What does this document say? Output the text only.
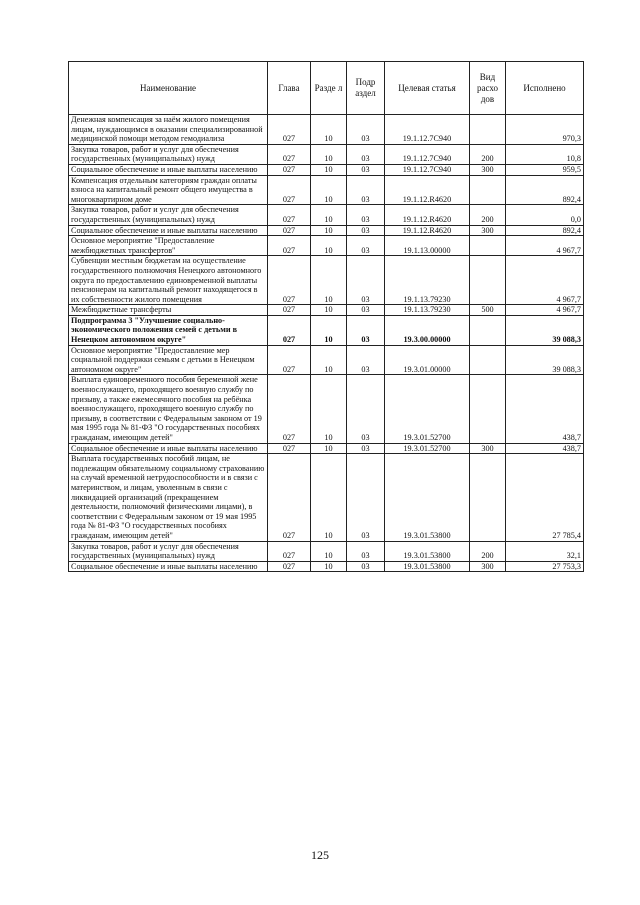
Наименование	Глава	Разде л	Подр аздел	Целевая статья	Вид расхо дов	Исполнено
Денежная компенсация за наём жилого помещения лицам, нуждающимся в оказании специализированной медицинской помощи методом гемодиализа	027	10	03	19.1.12.7С940		970,3
Закупка товаров, работ и услуг для обеспечения государственных (муниципальных) нужд	027	10	03	19.1.12.7С940	200	10,8
Социальное обеспечение и иные выплаты населению	027	10	03	19.1.12.7С940	300	959,5
Компенсация отдельным категориям граждан оплаты взноса на капитальный ремонт общего имущества в многоквартирном доме	027	10	03	19.1.12.R4620		892,4
Закупка товаров, работ и услуг для обеспечения государственных (муниципальных) нужд	027	10	03	19.1.12.R4620	200	0,0
Социальное обеспечение и иные выплаты населению	027	10	03	19.1.12.R4620	300	892,4
Основное мероприятие "Предоставление межбюджетных трансфертов"	027	10	03	19.1.13.00000		4 967,7
Субвенции местным бюджетам на осуществление государственного полномочия Ненецкого автономного округа по предоставлению единовременной выплаты пенсионерам на капитальный ремонт находящегося в их собственности жилого помещения	027	10	03	19.1.13.79230		4 967,7
Межбюджетные трансферты	027	10	03	19.1.13.79230	500	4 967,7
Подпрограмма 3 "Улучшение социально-экономического положения семей с детьми в Ненецком автономном округе"	027	10	03	19.3.00.00000		39 088,3
Основное мероприятие "Предоставление мер социальной поддержки семьям с детьми в Ненецком автономном округе"	027	10	03	19.3.01.00000		39 088,3
Выплата единовременного пособия беременной жене военнослужащего, проходящего военную службу по призыву, а также ежемесячного пособия на ребёнка военнослужащего, проходящего военную службу по призыву, в соответствии с Федеральным законом от 19 мая 1995 года № 81-ФЗ "О государственных пособиях гражданам, имеющим детей"	027	10	03	19.3.01.52700		438,7
Социальное обеспечение и иные выплаты населению	027	10	03	19.3.01.52700	300	438,7
Выплата государственных пособий лицам, не подлежащим обязательному социальному страхованию на случай временной нетрудоспособности и в связи с материнством, и лицам, уволенным в связи с ликвидацией организаций (прекращением деятельности, полномочий физическими лицами), в соответствии с Федеральным законом от 19 мая 1995 года № 81-ФЗ "О государственных пособиях гражданам, имеющим детей"	027	10	03	19.3.01.53800		27 785,4
Закупка товаров, работ и услуг для обеспечения государственных (муниципальных) нужд	027	10	03	19.3.01.53800	200	32,1
Социальное обеспечение и иные выплаты населению	027	10	03	19.3.01.53800	300	27 753,3
125
